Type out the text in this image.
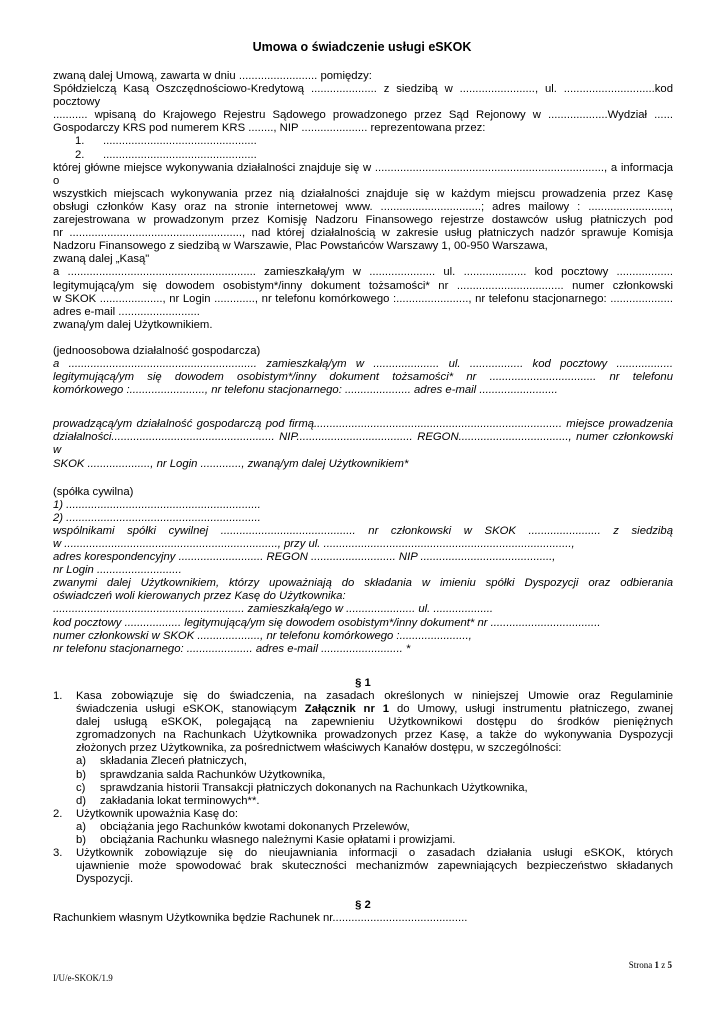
Umowa o świadczenie usługi eSKOK
zwaną dalej Umową, zawarta w dniu ......................... pomiędzy:
Spółdzielczą Kasą Oszczędnościowo-Kredytową ..................... z siedzibą w ........................, ul. .............................kod pocztowy
........... wpisaną do Krajowego Rejestru Sądowego prowadzonego przez Sąd Rejonowy w ...................Wydział ......
Gospodarczy KRS pod numerem KRS ........, NIP ..................... reprezentowana przez:
1. .................................................
2. .................................................
której główne miejsce wykonywania działalności znajduje się w ........................................................................., a informacja o
wszystkich miejscach wykonywania przez nią działalności znajduje się w każdym miejscu prowadzenia przez Kasę
obsługi członków Kasy oraz na stronie internetowej www. ................................; adres mailowy : ..........................,
zarejestrowana w prowadzonym przez Komisję Nadzoru Finansowego rejestrze dostawców usług płatniczych pod
nr ......................................................., nad której działalnością w zakresie usług płatniczych nadzór sprawuje Komisja
Nadzoru Finansowego z siedzibą w Warszawie, Plac Powstańców Warszawy 1, 00-950 Warszawa,
zwaną dalej „Kasą"
a ............................................................ zamieszkałą/ym w ..................... ul. .................... kod pocztowy ..................
legitymującą/ym się dowodem osobistym*/inny dokument tożsamości* nr .................................. numer członkowski
w SKOK ...................., nr Login ............., nr telefonu komórkowego :......................., nr telefonu stacjonarnego: ....................
adres e-mail ..........................
zwaną/ym dalej Użytkownikiem.
(jednoosobowa działalność gospodarcza)
a ............................................................ zamieszkałą/ym w ..................... ul. ................. kod pocztowy ..................
legitymującą/ym się dowodem osobistym*/inny dokument tożsamości* nr .................................. nr telefonu
komórkowego :........................, nr telefonu stacjonarnego: ..................... adres e-mail .........................
prowadzącą/ym działalność gospodarczą pod firmą............................................................................... miejsce prowadzenia
działalności.................................................... NIP..................................... REGON..................................., numer członkowski w
SKOK ...................., nr Login ............., zwaną/ym dalej Użytkownikiem*
(spółka cywilna)
1) ..............................................................
2) ..............................................................
wspólnikami spółki cywilnej ........................................... nr członkowski w SKOK ....................... z siedzibą
w ...................................................................., przy ul. ...............................................................................,
adres korespondencyjny ........................... REGON ........................... NIP ..........................................,
nr Login ...........................
zwanymi dalej Użytkownikiem, którzy upoważniają do składania w imieniu spółki Dyspozycji oraz odbierania
oświadczeń woli kierowanych przez Kasę do Użytkownika:
............................................................. zamieszkałą/ego w ...................... ul. ...................
kod pocztowy .................. legitymującą/ym się dowodem osobistym*/inny dokument* nr ...................................
numer członkowski w SKOK ...................., nr telefonu komórkowego :......................,
nr telefonu stacjonarnego: ..................... adres e-mail .......................... *
§ 1
1. Kasa zobowiązuje się do świadczenia, na zasadach określonych w niniejszej Umowie oraz Regulaminie
świadczenia usługi eSKOK, stanowiącym Załącznik nr 1 do Umowy, usługi instrumentu płatniczego, zwanej
dalej usługą eSKOK, polegającą na zapewnieniu Użytkownikowi dostępu do środków pieniężnych
zgromadzonych na Rachunkach Użytkownika prowadzonych przez Kasę, a także do wykonywania Dyspozycji
złożonych przez Użytkownika, za pośrednictwem właściwych Kanałów dostępu, w szczególności:
a) składania Zleceń płatniczych,
b) sprawdzania salda Rachunków Użytkownika,
c) sprawdzania historii Transakcji płatniczych dokonanych na Rachunkach Użytkownika,
d) zakładania lokat terminowych**.
2. Użytkownik upoważnia Kasę do:
a) obciążania jego Rachunków kwotami dokonanych Przelewów,
b) obciążania Rachunku własnego należnymi Kasie opłatami i prowizjami.
3. Użytkownik zobowiązuje się do nieujawniania informacji o zasadach działania usługi eSKOK, których
ujawnienie może spowodować brak skuteczności mechanizmów zapewniających bezpieczeństwo składanych
Dyspozycji.
§ 2
Rachunkiem własnym Użytkownika będzie Rachunek nr...........................................
Strona 1 z 5
I/U/e-SKOK/1.9
